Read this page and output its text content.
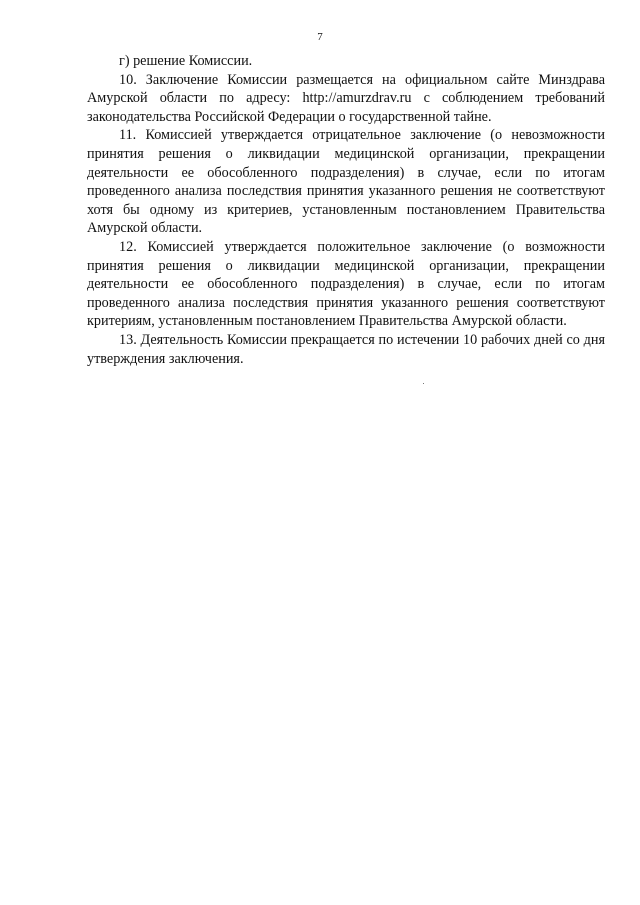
7

г) решение Комиссии.

10. Заключение Комиссии размещается на официальном сайте Минздрава Амурской области по адресу: http://amurzdrav.ru с соблюдением требований законодательства Российской Федерации о государственной тайне.

11. Комиссией утверждается отрицательное заключение (о невозможности принятия решения о ликвидации медицинской организации, прекращении деятельности ее обособленного подразделения) в случае, если по итогам проведенного анализа последствия принятия указанного решения не соответствуют хотя бы одному из критериев, установленным постановлением Правительства Амурской области.

12. Комиссией утверждается положительное заключение (о возможности принятия решения о ликвидации медицинской организации, прекращении деятельности ее обособленного подразделения) в случае, если по итогам проведенного анализа последствия принятия указанного решения соответствуют критериям, установленным постановлением Правительства Амурской области.

13. Деятельность Комиссии прекращается по истечении 10 рабочих дней со дня утверждения заключения.
